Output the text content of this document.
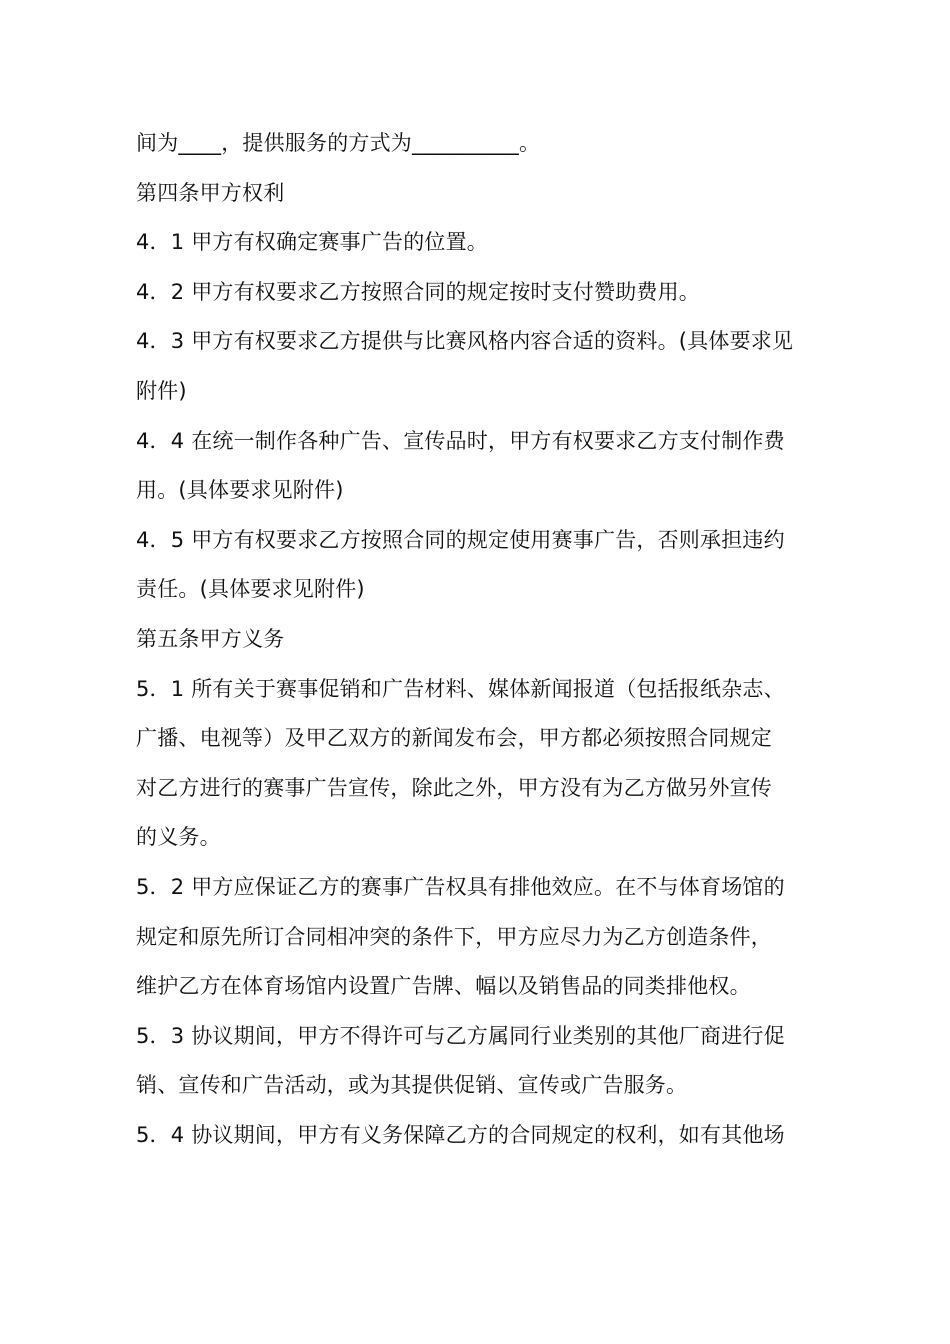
间为____，提供服务的方式为__________。
第四条甲方权利
4．1 甲方有权确定赛事广告的位置。
4．2 甲方有权要求乙方按照合同的规定按时支付赞助费用。
4．3 甲方有权要求乙方提供与比赛风格内容合适的资料。(具体要求见
附件)
4．4 在统一制作各种广告、宣传品时，甲方有权要求乙方支付制作费
用。(具体要求见附件)
4．5 甲方有权要求乙方按照合同的规定使用赛事广告，否则承担违约
责任。(具体要求见附件)
第五条甲方义务
5．1 所有关于赛事促销和广告材料、媒体新闻报道（包括报纸杂志、
广播、电视等）及甲乙双方的新闻发布会，甲方都必须按照合同规定
对乙方进行的赛事广告宣传，除此之外，甲方没有为乙方做另外宣传
的义务。
5．2 甲方应保证乙方的赛事广告权具有排他效应。在不与体育场馆的
规定和原先所订合同相冲突的条件下，甲方应尽力为乙方创造条件，
维护乙方在体育场馆内设置广告牌、幅以及销售品的同类排他权。
5．3 协议期间，甲方不得许可与乙方属同行业类别的其他厂商进行促
销、宣传和广告活动，或为其提供促销、宣传或广告服务。
5．4 协议期间，甲方有义务保障乙方的合同规定的权利，如有其他场
